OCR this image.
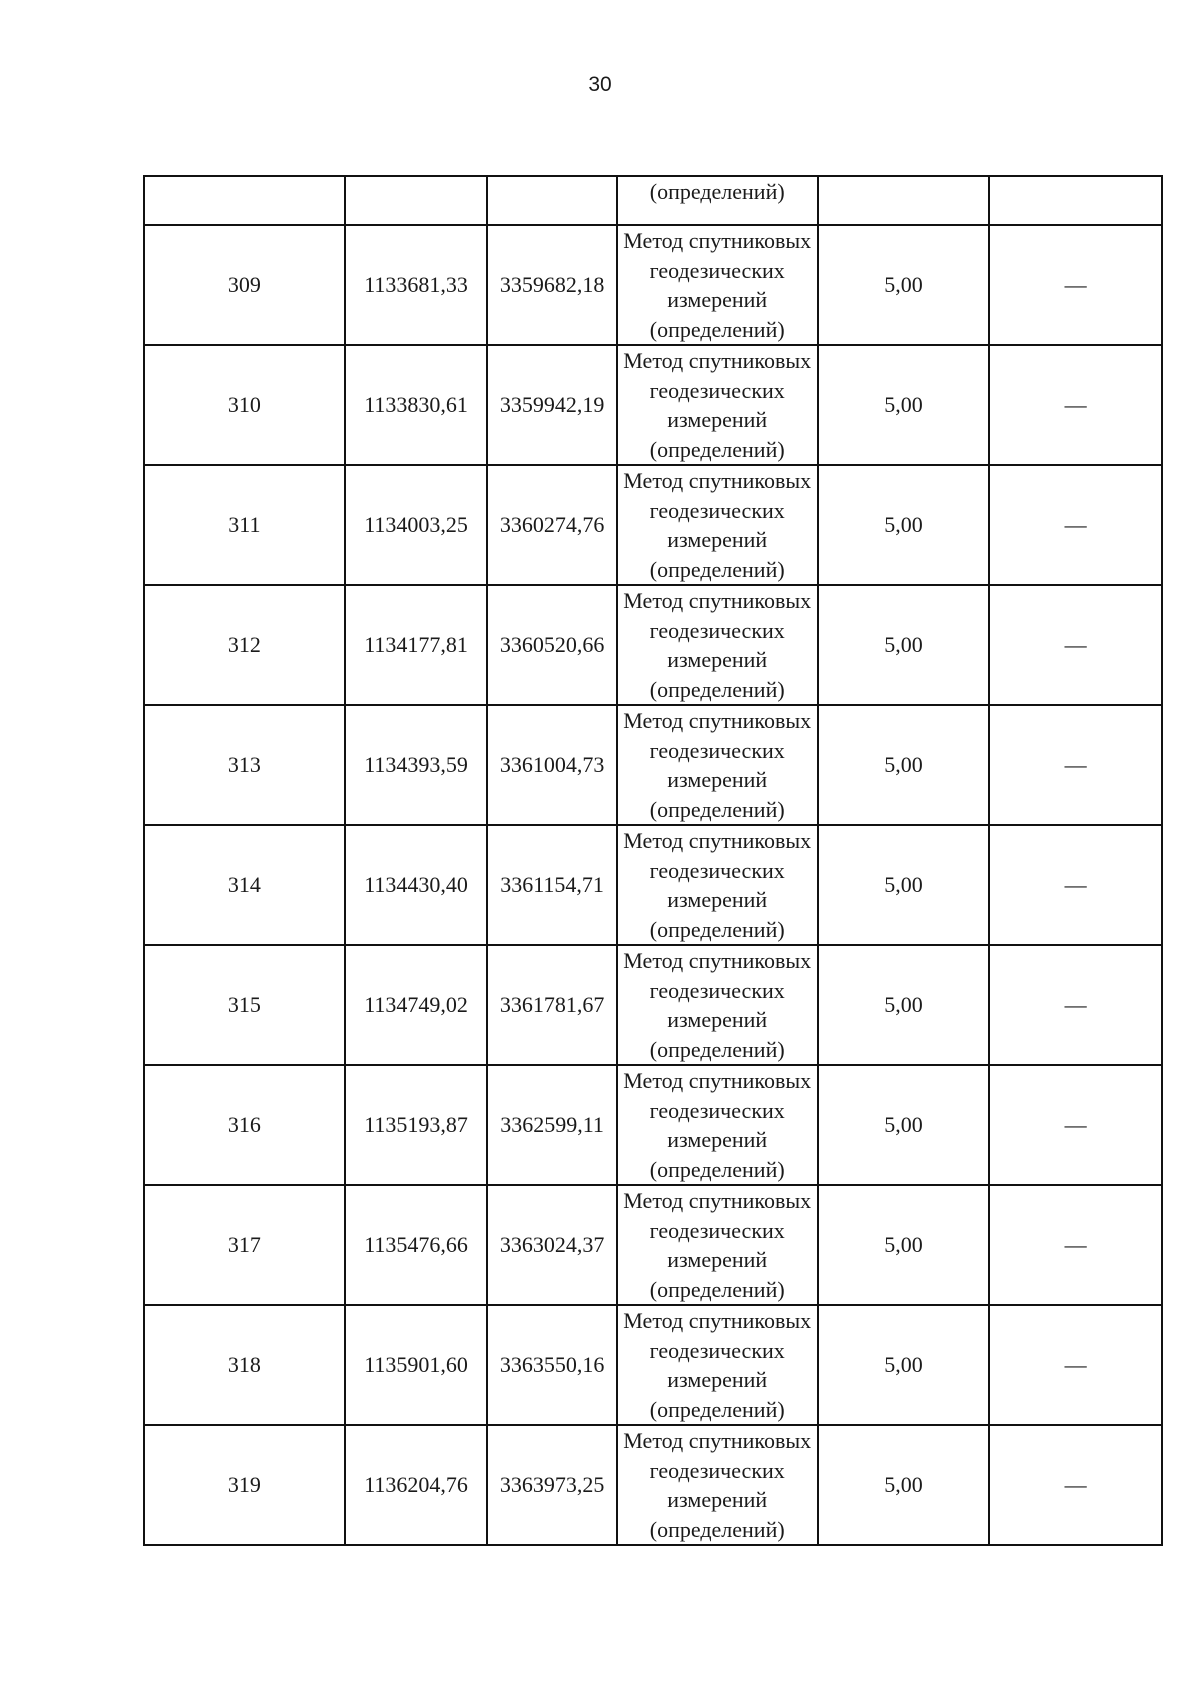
30
			(определений)		
309	1133681,33	3359682,18	Метод спутниковых
геодезических
измерений
(определений)	5,00	—
310	1133830,61	3359942,19	Метод спутниковых
геодезических
измерений
(определений)	5,00	—
311	1134003,25	3360274,76	Метод спутниковых
геодезических
измерений
(определений)	5,00	—
312	1134177,81	3360520,66	Метод спутниковых
геодезических
измерений
(определений)	5,00	—
313	1134393,59	3361004,73	Метод спутниковых
геодезических
измерений
(определений)	5,00	—
314	1134430,40	3361154,71	Метод спутниковых
геодезических
измерений
(определений)	5,00	—
315	1134749,02	3361781,67	Метод спутниковых
геодезических
измерений
(определений)	5,00	—
316	1135193,87	3362599,11	Метод спутниковых
геодезических
измерений
(определений)	5,00	—
317	1135476,66	3363024,37	Метод спутниковых
геодезических
измерений
(определений)	5,00	—
318	1135901,60	3363550,16	Метод спутниковых
геодезических
измерений
(определений)	5,00	—
319	1136204,76	3363973,25	Метод спутниковых
геодезических
измерений
(определений)	5,00	—
